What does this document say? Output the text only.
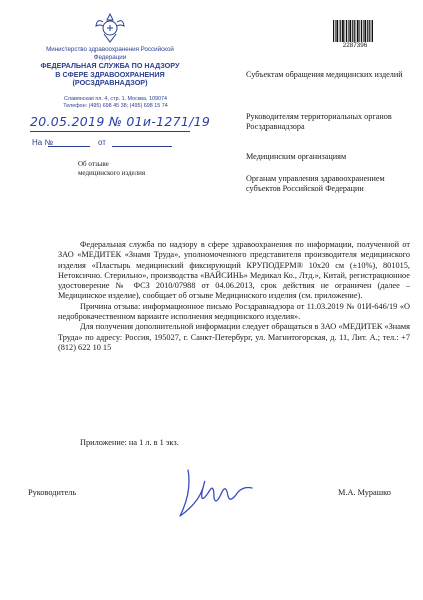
Министерство здравоохранения Российской Федерации
ФЕДЕРАЛЬНАЯ СЛУЖБА ПО НАДЗОРУ
В СФЕРЕ ЗДРАВООХРАНЕНИЯ
(РОСЗДРАВНАДЗОР)
Славянская пл. 4, стр. 1. Москва, 109074
Телефон: (495) 698 45 38; (495) 698 15 74
20.05.2019 № 01и-1271/19
На №	от
Об отзыве
медицинского изделия
2287396
Субъектам обращения медицинских изделий
Руководителям территориальных органов Росздравнадзора
Медицинским организациям
Органам управления здравоохранением субъектов Российской Федерации

Федеральная служба по надзору в сфере здравоохранения по информации, полученной от ЗАО «МЕДИТЕК «Знамя Труда», уполномоченного представителя производителя медицинского изделия «Пластырь медицинский фиксирующий КРУПОДЕРМ® 10х20 см (±10%), 801015, Нетоксично. Стерильно», производства «ВАЙСИНЬ» Медикал Ко., Лтд.», Китай, регистрационное удостоверение № ФСЗ 2010/07988 от 04.06.2013, срок действия не ограничен (далее – Медицинское изделие), сообщает об отзыве Медицинского изделия (см. приложение).

Причина отзыва: информационное письмо Росздравнадзора от 11.03.2019 № 01И-646/19 «О недоброкачественном варианте исполнения медицинского изделия».

Для получения дополнительной информации следует обращаться в ЗАО «МЕДИТЕК «Знамя Труда» по адресу: Россия, 195027, г. Санкт-Петербург, ул. Магнитогорская, д. 11, Лит. А.; тел.: +7 (812) 622 10 15

Приложение: на 1 л. в 1 экз.

Руководитель	М.А. Мурашко
